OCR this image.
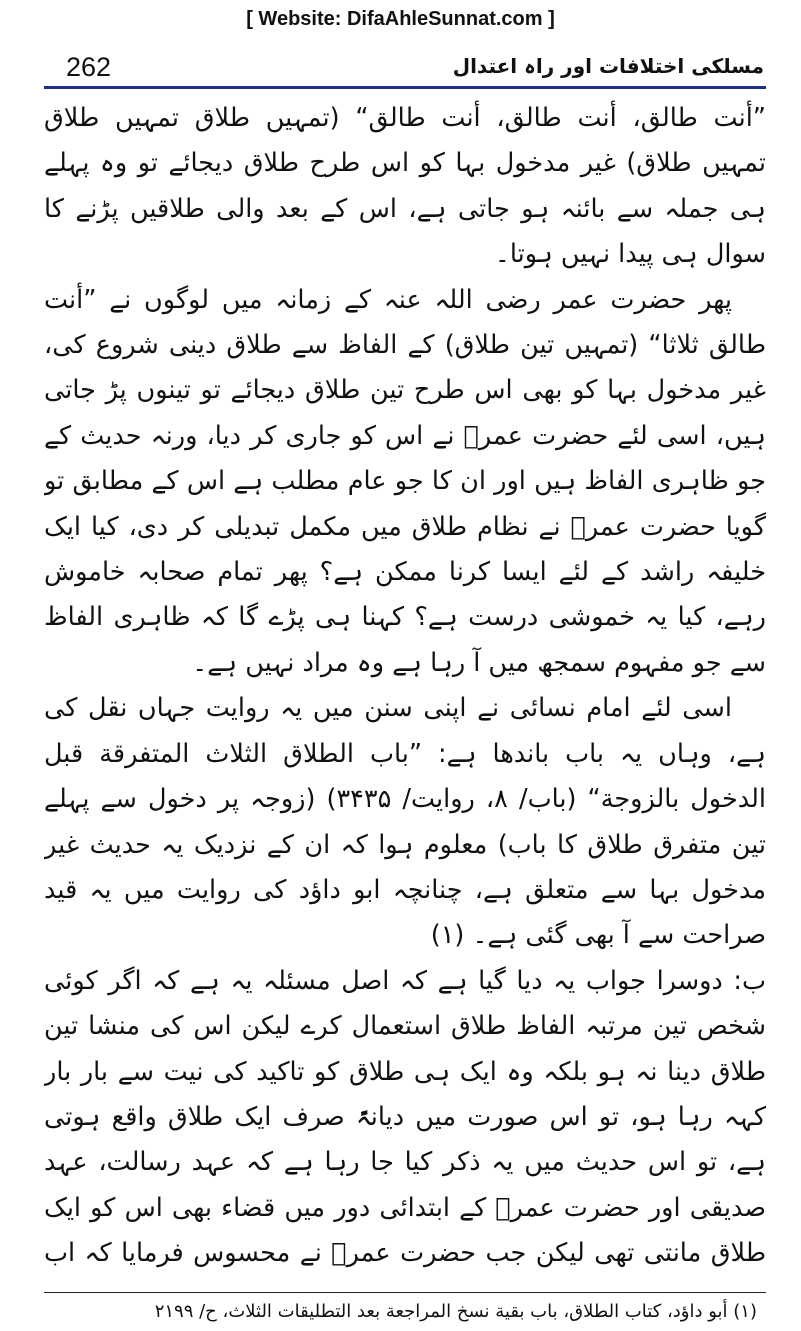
[ Website: DifaAhleSunnat.com ]
262	مسلکی اختلافات اور راہ اعتدال

”أنت طالق، أنت طالق، أنت طالق“ (تمہیں طلاق تمہیں طلاق تمہیں طلاق) غیر مدخول بہا کو اس طرح طلاق دیجائے تو وہ پہلے ہی جملہ سے بائنہ ہو جاتی ہے، اس کے بعد والی طلاقیں پڑنے کا سوال ہی پیدا نہیں ہوتا۔

پھر حضرت عمر رضی اللہ عنہ کے زمانہ میں لوگوں نے ”أنت طالق ثلاثا“ (تمہیں تین طلاق) کے الفاظ سے طلاق دینی شروع کی، غیر مدخول بہا کو بھی اس طرح تین طلاق دیجائے تو تینوں پڑ جاتی ہیں، اسی لئے حضرت عمرؓ نے اس کو جاری کر دیا، ورنہ حدیث کے جو ظاہری الفاظ ہیں اور ان کا جو عام مطلب ہے اس کے مطابق تو گویا حضرت عمرؓ نے نظام طلاق میں مکمل تبدیلی کر دی، کیا ایک خلیفہ راشد کے لئے ایسا کرنا ممکن ہے؟ پھر تمام صحابہ خاموش رہے، کیا یہ خموشی درست ہے؟ کہنا ہی پڑے گا کہ ظاہری الفاظ سے جو مفہوم سمجھ میں آ رہا ہے وہ مراد نہیں ہے۔

اسی لئے امام نسائی نے اپنی سنن میں یہ روایت جہاں نقل کی ہے، وہاں یہ باب باندھا ہے: ”باب الطلاق الثلاث المتفرقة قبل الدخول بالزوجة“ (باب/ ۸، روایت/ ۳۴۳۵) (زوجہ پر دخول سے پہلے تین متفرق طلاق کا باب) معلوم ہوا کہ ان کے نزدیک یہ حدیث غیر مدخول بہا سے متعلق ہے، چنانچہ ابو داؤد کی روایت میں یہ قید صراحت سے آ بھی گئی ہے۔ (۱)

ب: دوسرا جواب یہ دیا گیا ہے کہ اصل مسئلہ یہ ہے کہ اگر کوئی شخص تین مرتبہ الفاظ طلاق استعمال کرے لیکن اس کی منشا تین طلاق دینا نہ ہو بلکہ وہ ایک ہی طلاق کو تاکید کی نیت سے بار بار کہہ رہا ہو، تو اس صورت میں دیانۃً صرف ایک طلاق واقع ہوتی ہے، تو اس حدیث میں یہ ذکر کیا جا رہا ہے کہ عہد رسالت، عہد صدیقی اور حضرت عمرؓ کے ابتدائی دور میں قضاء بھی اس کو ایک طلاق مانتی تھی لیکن جب حضرت عمرؓ نے محسوس فرمایا کہ اب

(۱) أبو داؤد، کتاب الطلاق، باب بقية نسخ المراجعة بعد التطليقات الثلاث، ح/ ۲۱۹۹
